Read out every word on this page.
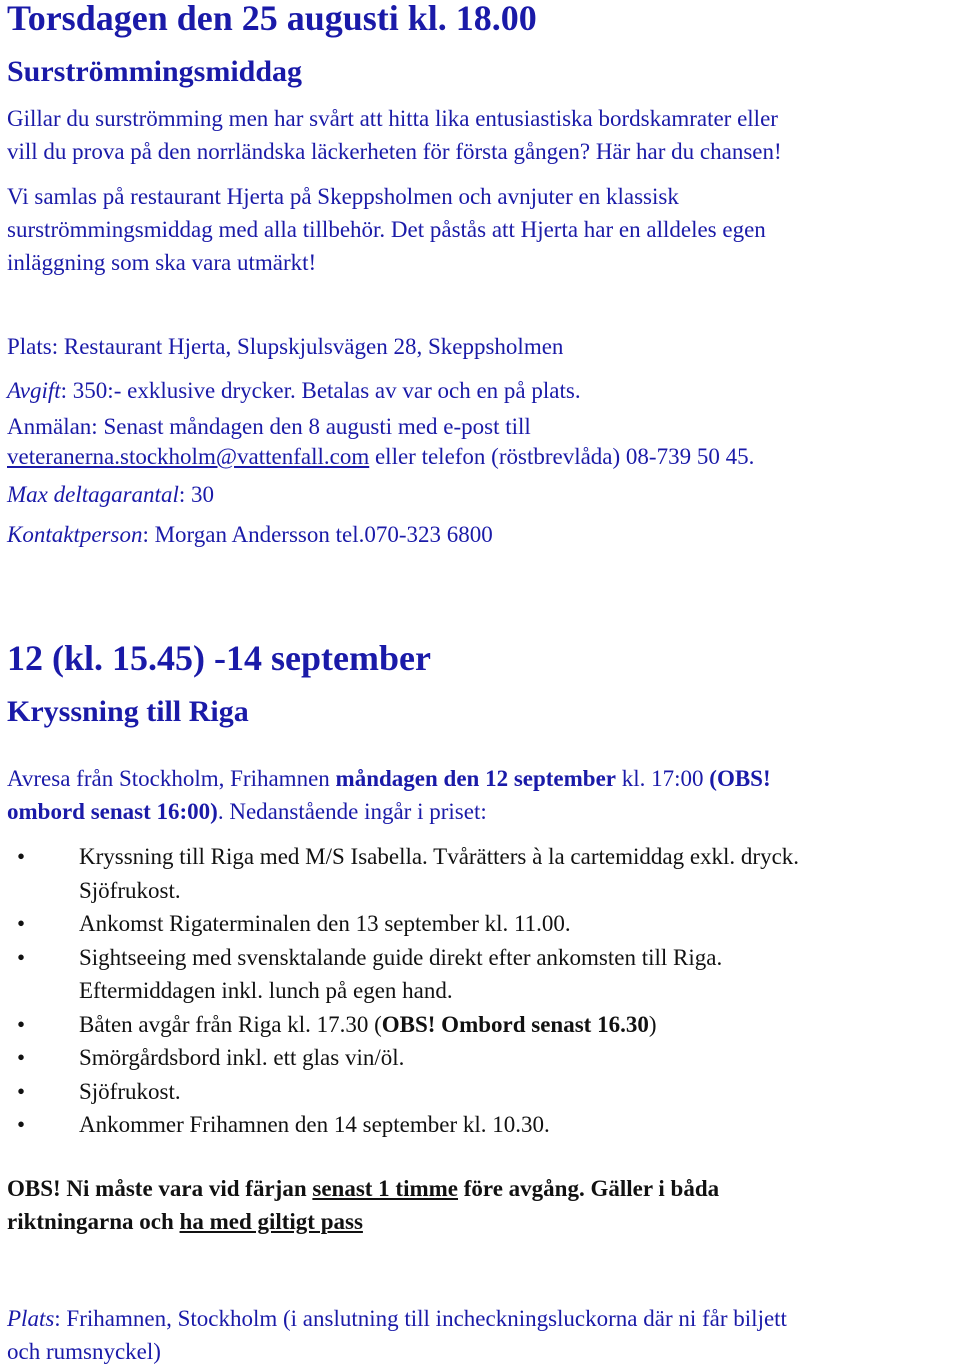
Torsdagen den 25 augusti kl. 18.00
Surströmmingsmiddag
Gillar du surströmming men har svårt att hitta lika entusiastiska bordskamrater eller
vill du prova på den norrländska läckerheten för första gången? Här har du chansen!
Vi samlas på restaurant Hjerta på Skeppsholmen och avnjuter en klassisk
surströmmingsmiddag med alla tillbehör. Det påstås att Hjerta har en alldeles egen
inläggning som ska vara utmärkt!
Plats: Restaurant Hjerta, Slupskjulsvägen 28, Skeppsholmen
Avgift: 350:- exklusive drycker. Betalas av var och en på plats.
Anmälan: Senast måndagen den 8 augusti med e-post till
veteranerna.stockholm@vattenfall.com eller telefon (röstbrevlåda) 08-739 50 45.
Max deltagarantal: 30
Kontaktperson: Morgan Andersson tel.070-323 6800
12 (kl. 15.45) -14 september
Kryssning till Riga
Avresa från Stockholm, Frihamnen måndagen den 12 september kl. 17:00 (OBS!
ombord senast 16:00). Nedanstående ingår i priset:
• Kryssning till Riga med M/S Isabella. Tvårätters à la cartemiddag exkl. dryck.
Sjöfrukost.
• Ankomst Rigaterminalen den 13 september kl. 11.00.
• Sightseeing med svensktalande guide direkt efter ankomsten till Riga.
Eftermiddagen inkl. lunch på egen hand.
• Båten avgår från Riga kl. 17.30 (OBS! Ombord senast 16.30)
• Smörgårdsbord inkl. ett glas vin/öl.
• Sjöfrukost.
• Ankommer Frihamnen den 14 september kl. 10.30.
OBS! Ni måste vara vid färjan senast 1 timme före avgång. Gäller i båda
riktningarna och ha med giltigt pass
Plats: Frihamnen, Stockholm (i anslutning till incheckningsluckorna där ni får biljett
och rumsnyckel)
